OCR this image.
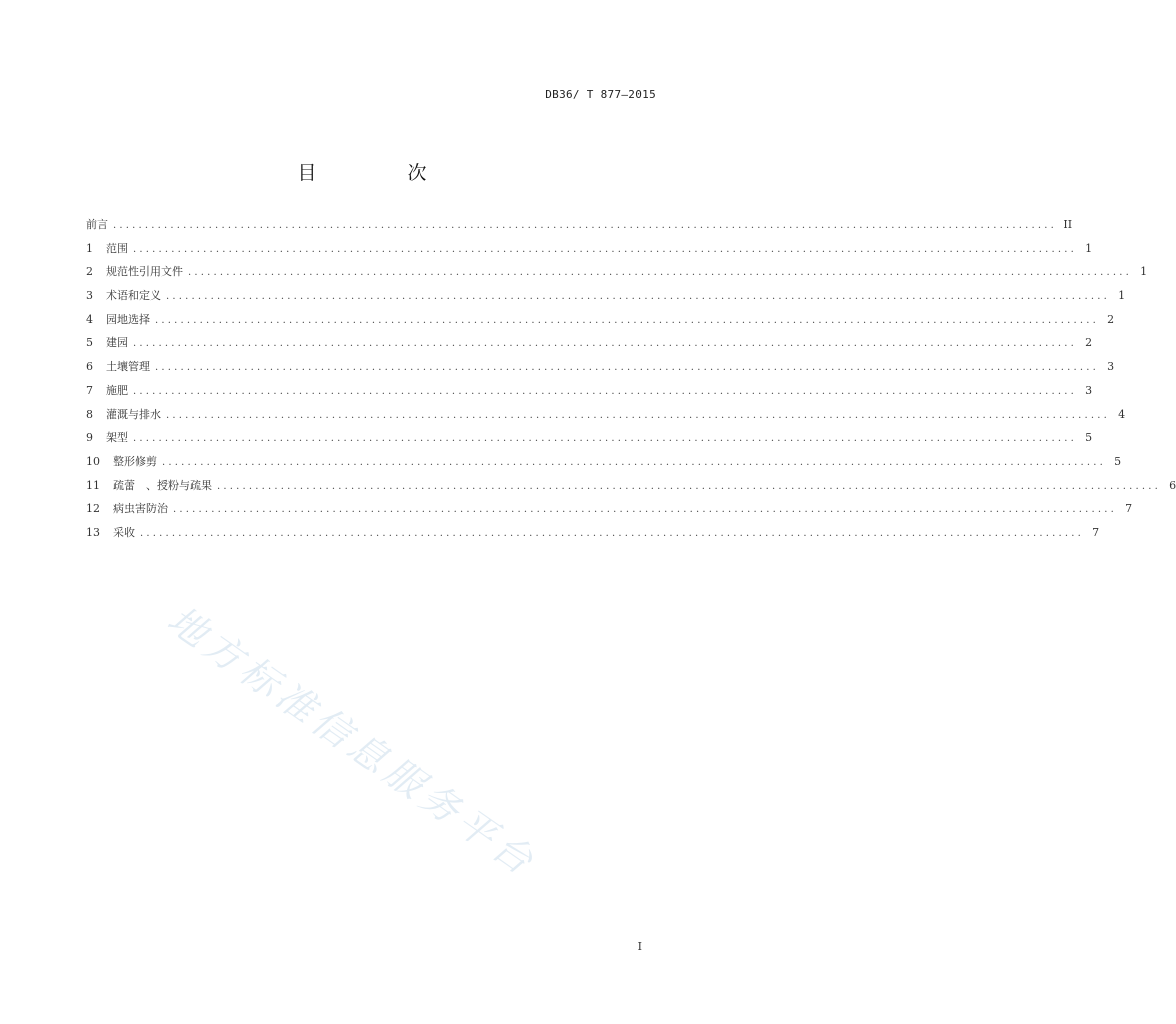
DB36/ T 877—2015
目　次
前言 .................................................................................................................................................... II
1	范围 .................................................................................................................................................... 1
2	规范性引用文件 .................................................................................................................................................... 1
3	术语和定义 .................................................................................................................................................... 1
4	园地选择 .................................................................................................................................................... 2
5	建园 .................................................................................................................................................... 2
6	土壤管理 .................................................................................................................................................... 3
7	施肥 .................................................................................................................................................... 3
8	灌溉与排水 .................................................................................................................................................... 4
9	架型 .................................................................................................................................................... 5
10	整形修剪 .................................................................................................................................................... 5
11	疏蕾　、授粉与疏果 .................................................................................................................................................... 6
12	病虫害防治 .................................................................................................................................................... 7
13	采收 .................................................................................................................................................... 7
地方标准信息服务平台
I
